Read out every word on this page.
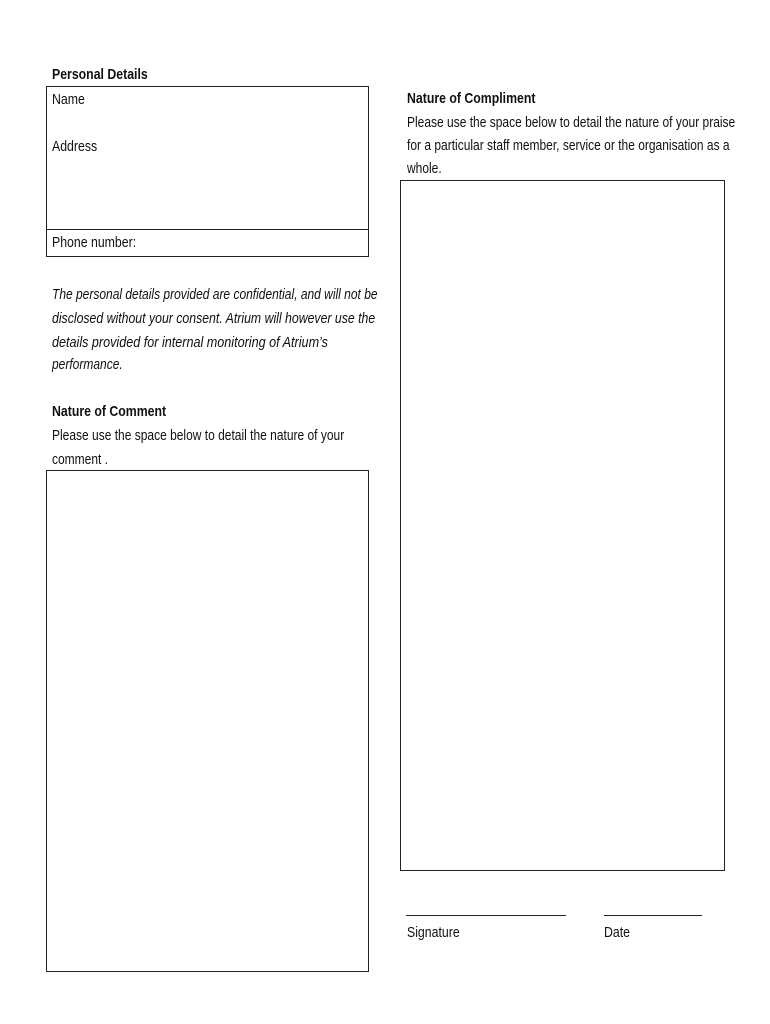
Personal Details
Name
Address
Phone number:
The personal details provided are confidential, and will not be
disclosed without your consent. Atrium will however use the
details provided for internal monitoring of Atrium’s
performance.
Nature of Comment
Please use the space below to detail the nature of your
comment .
Nature of Compliment
Please use the space below to detail the nature of your praise
for a particular staff member, service or the organisation as a
whole.
Signature	Date
